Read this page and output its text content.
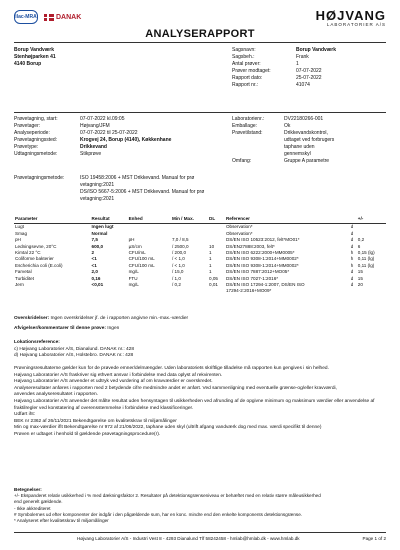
ilac-MRA	DANAK	HØJVANG
LABORATORIER A/S
ANALYSERAPPORT
Borup Vandværk
Stenhøjparken 41
4140 Borup
Sagsnavn:	Borup Vandværk
Sagsbeh.:	Frank
Antal prøver:	1
Prøver modtaget:	07-07-2022
Rapport dato:	25-07-2022
Rapport nr.:	41074
Prøvetagning, start:	07-07-2022 kl.09:05
Prøvetager:	Højvang/JFM
Analyseperiode:	07-07-2022 til 25-07-2022
Prøvetagningssted:	Krogvej 24, Borup (4140), Køkkenhane
Prøvetype:	Drikkevand
Udtagningsmetode:	Stikprøve
Laboratorienr.:	DV22180266-001
Emballage:	Ok
Prøvetilstand:	Drikkevandskontrol,
udtaget ved forbrugers
taphane uden
gennemskyl
Omfang:	Gruppe A parametre
Prøvetagningsmetode:	ISO 19458:2006 + MST Drikkevand. Manual for prø
vetagning:2021
DS/ISO 5667-5:2006 + MST Drikkevand. Manual for prø
vetagning:2021
Parameter	Resultat	Enhed	Min / Max.	DL	Referencer		+/-
Lugt	Ingen lugt				Observation*	d	
Smag	Normal				Observation*	d	
pH	7,5	pH	7,0 / 8,5		DS/EN ISO 10523:2012, felt*MO01*	d	0,2
Ledningsevne, 20°C	600,0	µS/cm	/ 2500,0	10	DS/EN27888:2003, felt*	d	6
Kimtal 22 °C	2	CFU/mL	/ 200,0	1	DS/EN ISO 6222:2000+MM0005*	h	0,15 (lg)
Coliforme bakterier	<1	CFU/100 mL	/ < 1,0	1	DS/EN ISO 9308-1:2014+MM0002*	h	0,11 (lg)
Escherichia coli (E.coli)	<1	CFU/100 mL	/ < 1,0	1	DS/EN ISO 9308-1:2014+MM0002*	h	0,11 (lg)
Farvetal	2,0	mg/L	/ 15,0	1	DS/EN ISO 7887:2012+MO05*	d	15
Turbiditet	0,16	FTU	/ 1,0	0,05	DS/EN ISO 7027-1:2016*	d	15
Jern	<0,01	mg/L	/ 0,2	0,01	DS/EN ISO 17294-1:2007, DS/EN ISO	d	20
					17294-2:2016+MO09*		
Overskridelser: Ingen overskridelser jf. de i rapporten angivne min.-max.-værdier
Afvigelser/kommentarer til denne prøve: Ingen
Lokationsreference:
c) Højvang Laboratorier A/S, Dianalund. DANAK nr.: 428
d) Højvang Laboratorier A/S, Holstebro. DANAK nr.: 428
Prøvningsresultaterne gælder kun for de prøvede emner/delmængder. Uden laboratoriets skriftlige tilladelse må rapporten kun gengives i sin helhed.
Højvang Laboratorier A/S fraskriver sig ethvert ansvar i forbindelse med data oplyst af rekvirenten.
Højvang Laboratorier A/S anvender et udtryk ved vurdering af om kravværdier er overskredet.
Analyseresultater anføres i rapporten med 2 betydende cifre medmindre andet er anført. Ved sammenligning med eventuelle grænse-og/eller kravværdi,
anvendes analyseresultatet i rapporten.
Højvang Laboratorier A/S anvender det målte resultat uden hensyntagen til usikkerheden ved afrunding af de opgivne minimum og maksimum værdier eller anvendelse af
fraktilregler ved konstatering af overensstemmelse i forbindelse med klassificeringer.
Udført iht:
BEK nr 2362 af 26/11/2021 Bekendtgørelse om kvalitetskrav til miljømålinger
Min og max-værdier iflt Bekendtgørelse nr 972 af 21/06/2022, taphane uden skyl (ultrift afgang vandværk dog med max. værdi specifikt til denne)
Prøven er udtaget i henhold til gældende prøvetagningsprocedure(r).
Betegnelser:
+/- Ekspanderet relativ usikkerhed i % med dækningsfaktor 2. Resultater på detektionsgrænseniveau er behæftet med en relativ større måleusikkerhed
end generelt gældende.
- Ikke akkrediteret
# Symbolernes ud efter komponenter der indgår i den pågældende sum, har en konc. mindre end den enkelte komponents detektionsgrænse.
* Analyseret efter kvalitetskrav til miljømålinger
Højvang Laboratorier A/S - Industri Vest 8 - 4293 Dianalund Tlf 58242458 - hmlab@hmlab.dk - www.hmlab.dk	Page 1 of 2
